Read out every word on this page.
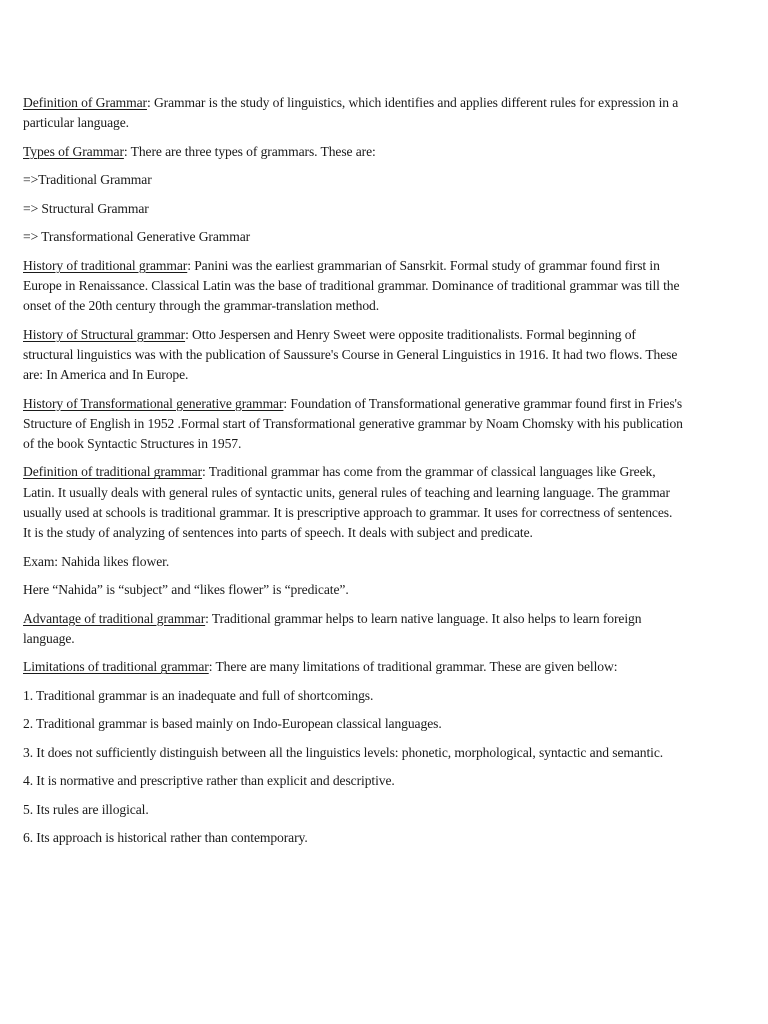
Definition of Grammar: Grammar is the study of linguistics, which identifies and applies different rules for expression in a particular language.

Types of Grammar: There are three types of grammars. These are:

=>Traditional Grammar

=> Structural Grammar

=> Transformational Generative Grammar

History of traditional grammar: Panini was the earliest grammarian of Sansrkit. Formal study of grammar found first in Europe in Renaissance. Classical Latin was the base of traditional grammar. Dominance of traditional grammar was till the onset of the 20th century through the grammar-translation method.

History of Structural grammar: Otto Jespersen and Henry Sweet were opposite traditionalists. Formal beginning of structural linguistics was with the publication of Saussure's Course in General Linguistics in 1916. It had two flows. These are: In America and In Europe.

History of Transformational generative grammar: Foundation of Transformational generative grammar found first in Fries's Structure of English in 1952 .Formal start of Transformational generative grammar by Noam Chomsky with his publication of the book Syntactic Structures in 1957.

Definition of traditional grammar: Traditional grammar has come from the grammar of classical languages like Greek, Latin. It usually deals with general rules of syntactic units, general rules of teaching and learning language. The grammar usually used at schools is traditional grammar. It is prescriptive approach to grammar. It uses for correctness of sentences. It is the study of analyzing of sentences into parts of speech. It deals with subject and predicate.

Exam: Nahida likes flower.

Here “Nahida” is “subject” and “likes flower” is “predicate”.

Advantage of traditional grammar: Traditional grammar helps to learn native language. It also helps to learn foreign language.

Limitations of traditional grammar: There are many limitations of traditional grammar. These are given bellow:

1. Traditional grammar is an inadequate and full of shortcomings.

2. Traditional grammar is based mainly on Indo-European classical languages.

3. It does not sufficiently distinguish between all the linguistics levels: phonetic, morphological, syntactic and semantic.

4. It is normative and prescriptive rather than explicit and descriptive.

5. Its rules are illogical.

6. Its approach is historical rather than contemporary.
